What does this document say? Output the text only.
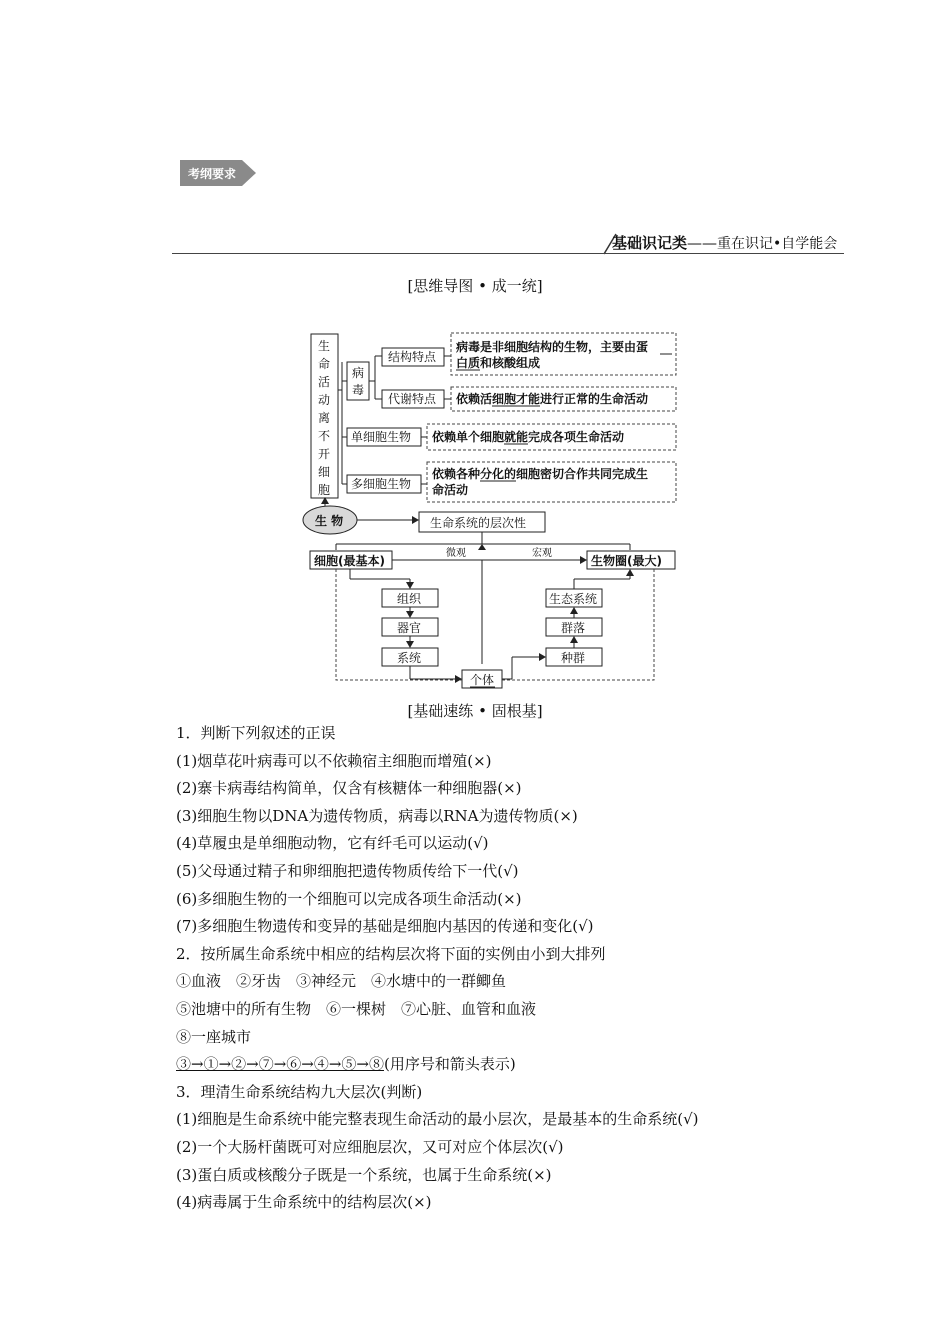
考纲要求
基础识记类——重在识记•自学能会
[思维导图 • 成一统]
生
命
活
动
离
不
开
细
胞
病
毒
结构特点
代谢特点
病毒是非细胞结构的生物，主要由蛋
白质和核酸组成
依赖活细胞才能进行正常的生命活动
单细胞生物 依赖单个细胞就能完成各项生命活动
多细胞生物
依赖各种分化的细胞密切合作共同完成生
命活动
生 物	生命系统的层次性
细胞(最基本)	生物圈(最大)
微观	宏观
组织
器官
系统
生态系统
群落
种群
个体
[基础速练 • 固根基]
1．判断下列叙述的正误
(1)烟草花叶病毒可以不依赖宿主细胞而增殖(×)
(2)寨卡病毒结构简单，仅含有核糖体一种细胞器(×)
(3)细胞生物以DNA为遗传物质，病毒以RNA为遗传物质(×)
(4)草履虫是单细胞动物，它有纤毛可以运动(√)
(5)父母通过精子和卵细胞把遗传物质传给下一代(√)
(6)多细胞生物的一个细胞可以完成各项生命活动(×)
(7)多细胞生物遗传和变异的基础是细胞内基因的传递和变化(√)
2．按所属生命系统中相应的结构层次将下面的实例由小到大排列
①血液　②牙齿　③神经元　④水塘中的一群鲫鱼
⑤池塘中的所有生物　⑥一棵树　⑦心脏、血管和血液
⑧一座城市
③→①→②→⑦→⑥→④→⑤→⑧(用序号和箭头表示)
3．理清生命系统结构九大层次(判断)
(1)细胞是生命系统中能完整表现生命活动的最小层次，是最基本的生命系统(√)
(2)一个大肠杆菌既可对应细胞层次，又可对应个体层次(√)
(3)蛋白质或核酸分子既是一个系统，也属于生命系统(×)
(4)病毒属于生命系统中的结构层次(×)
